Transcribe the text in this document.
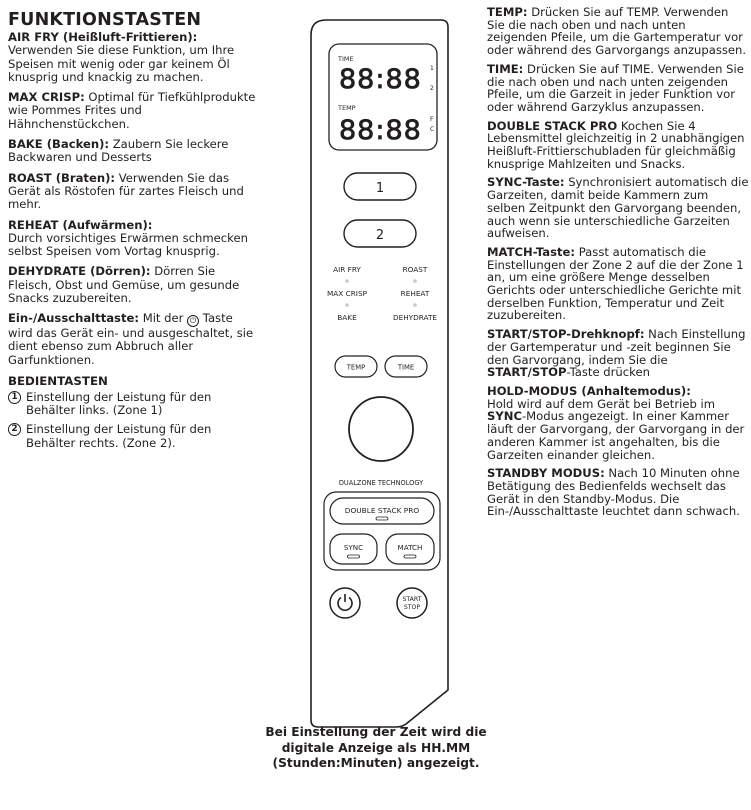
FUNKTIONSTASTEN

AIR FRY (Heißluft-Frittieren):
Verwenden Sie diese Funktion, um Ihre Speisen mit wenig oder gar keinem Öl knusprig und knackig zu machen.

MAX CRISP: Optimal für Tiefkühlprodukte wie Pommes Frites und Hähnchenstückchen.

BAKE (Backen): Zaubern Sie leckere Backwaren und Desserts

ROAST (Braten): Verwenden Sie das Gerät als Röstofen für zartes Fleisch und mehr.

REHEAT (Aufwärmen):
Durch vorsichtiges Erwärmen schmecken selbst Speisen vom Vortag knusprig.

DEHYDRATE (Dörren): Dörren Sie Fleisch, Obst und Gemüse, um gesunde Snacks zuzubereiten.

Ein-/Ausschalttaste: Mit der ⏻ Taste wird das Gerät ein- und ausgeschaltet, sie dient ebenso zum Abbruch aller Garfunktionen.

BEDIENTASTEN
1 Einstellung der Leistung für den Behälter links. (Zone 1)
2 Einstellung der Leistung für den Behälter rechts. (Zone 2).
TIME
88:88 1
2
TEMP
88:88 F
C
1
2
AIR FRY	ROAST
MAX CRISP	REHEAT
BAKE	DEHYDRATE
TEMP	TIME
DUALZONE TECHNOLOGY
DOUBLE STACK PRO
SYNC	MATCH
START
STOP
Bei Einstellung der Zeit wird die digitale Anzeige als HH.MM (Stunden:Minuten) angezeigt.

TEMP: Drücken Sie auf TEMP. Verwenden Sie die nach oben und nach unten zeigenden Pfeile, um die Gartemperatur vor oder während des Garvorgangs anzupassen.

TIME: Drücken Sie auf TIME. Verwenden Sie die nach oben und nach unten zeigenden Pfeile, um die Garzeit in jeder Funktion vor oder während Garzyklus anzupassen.

DOUBLE STACK PRO Kochen Sie 4 Lebensmittel gleichzeitig in 2 unabhängigen Heißluft-Frittierschubladen für gleichmäßig knusprige Mahlzeiten und Snacks.

SYNC-Taste: Synchronisiert automatisch die Garzeiten, damit beide Kammern zum selben Zeitpunkt den Garvorgang beenden, auch wenn sie unterschiedliche Garzeiten aufweisen.

MATCH-Taste: Passt automatisch die Einstellungen der Zone 2 auf die der Zone 1 an, um eine größere Menge desselben Gerichts oder unterschiedliche Gerichte mit derselben Funktion, Temperatur und Zeit zuzubereiten.

START/STOP-Drehknopf: Nach Einstellung der Gartemperatur und -zeit beginnen Sie den Garvorgang, indem Sie die START/STOP-Taste drücken

HOLD-MODUS (Anhaltemodus):
Hold wird auf dem Gerät bei Betrieb im SYNC-Modus angezeigt. In einer Kammer läuft der Garvorgang, der Garvorgang in der anderen Kammer ist angehalten, bis die Garzeiten einander gleichen.

STANDBY MODUS: Nach 10 Minuten ohne Betätigung des Bedienfelds wechselt das Gerät in den Standby-Modus. Die Ein-/Ausschalttaste leuchtet dann schwach.
